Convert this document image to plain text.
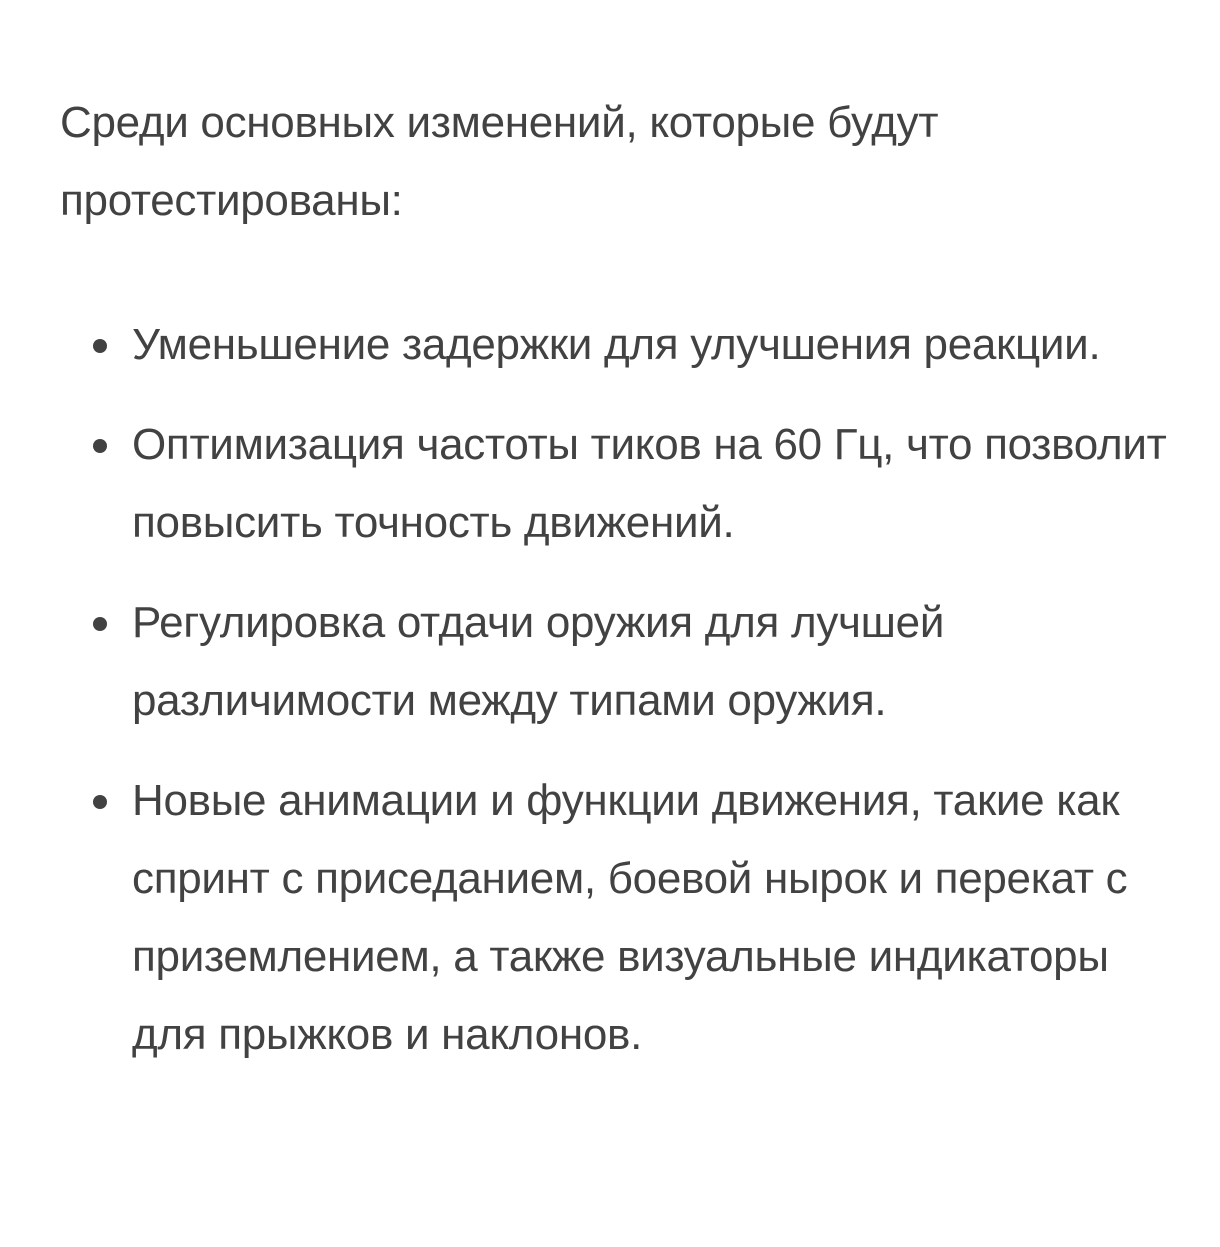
Среди основных изменений, которые будут протестированы:

Уменьшение задержки для улучшения реакции.
Оптимизация частоты тиков на 60 Гц, что позволит повысить точность движений.
Регулировка отдачи оружия для лучшей различимости между типами оружия.
Новые анимации и функции движения, такие как спринт с приседанием, боевой нырок и перекат с приземлением, а также визуальные индикаторы для прыжков и наклонов.
